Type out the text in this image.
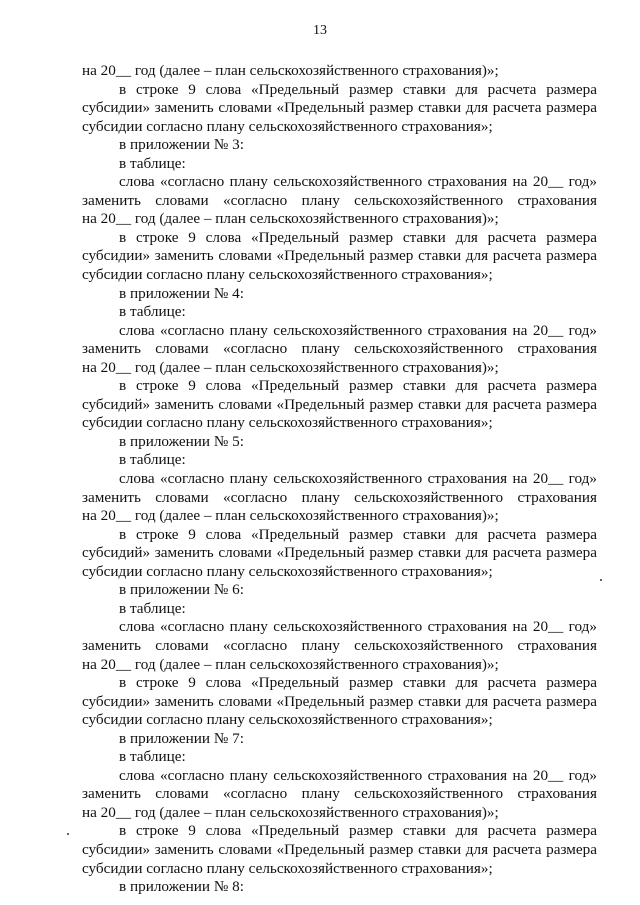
13
на 20__ год (далее – план сельскохозяйственного страхования)»;
в строке 9 слова «Предельный размер ставки для расчета размера
субсидии» заменить словами «Предельный размер ставки для расчета размера
субсидии согласно плану сельскохозяйственного страхования»;
в приложении № 3:
в таблице:
слова «согласно плану сельскохозяйственного страхования на 20__ год»
заменить словами «согласно плану сельскохозяйственного страхования
на 20__ год (далее – план сельскохозяйственного страхования)»;
в строке 9 слова «Предельный размер ставки для расчета размера
субсидии» заменить словами «Предельный размер ставки для расчета размера
субсидии согласно плану сельскохозяйственного страхования»;
в приложении № 4:
в таблице:
слова «согласно плану сельскохозяйственного страхования на 20__ год»
заменить словами «согласно плану сельскохозяйственного страхования
на 20__ год (далее – план сельскохозяйственного страхования)»;
в строке 9 слова «Предельный размер ставки для расчета размера
субсидий» заменить словами «Предельный размер ставки для расчета размера
субсидии согласно плану сельскохозяйственного страхования»;
в приложении № 5:
в таблице:
слова «согласно плану сельскохозяйственного страхования на 20__ год»
заменить словами «согласно плану сельскохозяйственного страхования
на 20__ год (далее – план сельскохозяйственного страхования)»;
в строке 9 слова «Предельный размер ставки для расчета размера
субсидий» заменить словами «Предельный размер ставки для расчета размера
субсидии согласно плану сельскохозяйственного страхования»;
в приложении № 6:
в таблице:
слова «согласно плану сельскохозяйственного страхования на 20__ год»
заменить словами «согласно плану сельскохозяйственного страхования
на 20__ год (далее – план сельскохозяйственного страхования)»;
в строке 9 слова «Предельный размер ставки для расчета размера
субсидии» заменить словами «Предельный размер ставки для расчета размера
субсидии согласно плану сельскохозяйственного страхования»;
в приложении № 7:
в таблице:
слова «согласно плану сельскохозяйственного страхования на 20__ год»
заменить словами «согласно плану сельскохозяйственного страхования
на 20__ год (далее – план сельскохозяйственного страхования)»;
в строке 9 слова «Предельный размер ставки для расчета размера
субсидии» заменить словами «Предельный размер ставки для расчета размера
субсидии согласно плану сельскохозяйственного страхования»;
в приложении № 8:
